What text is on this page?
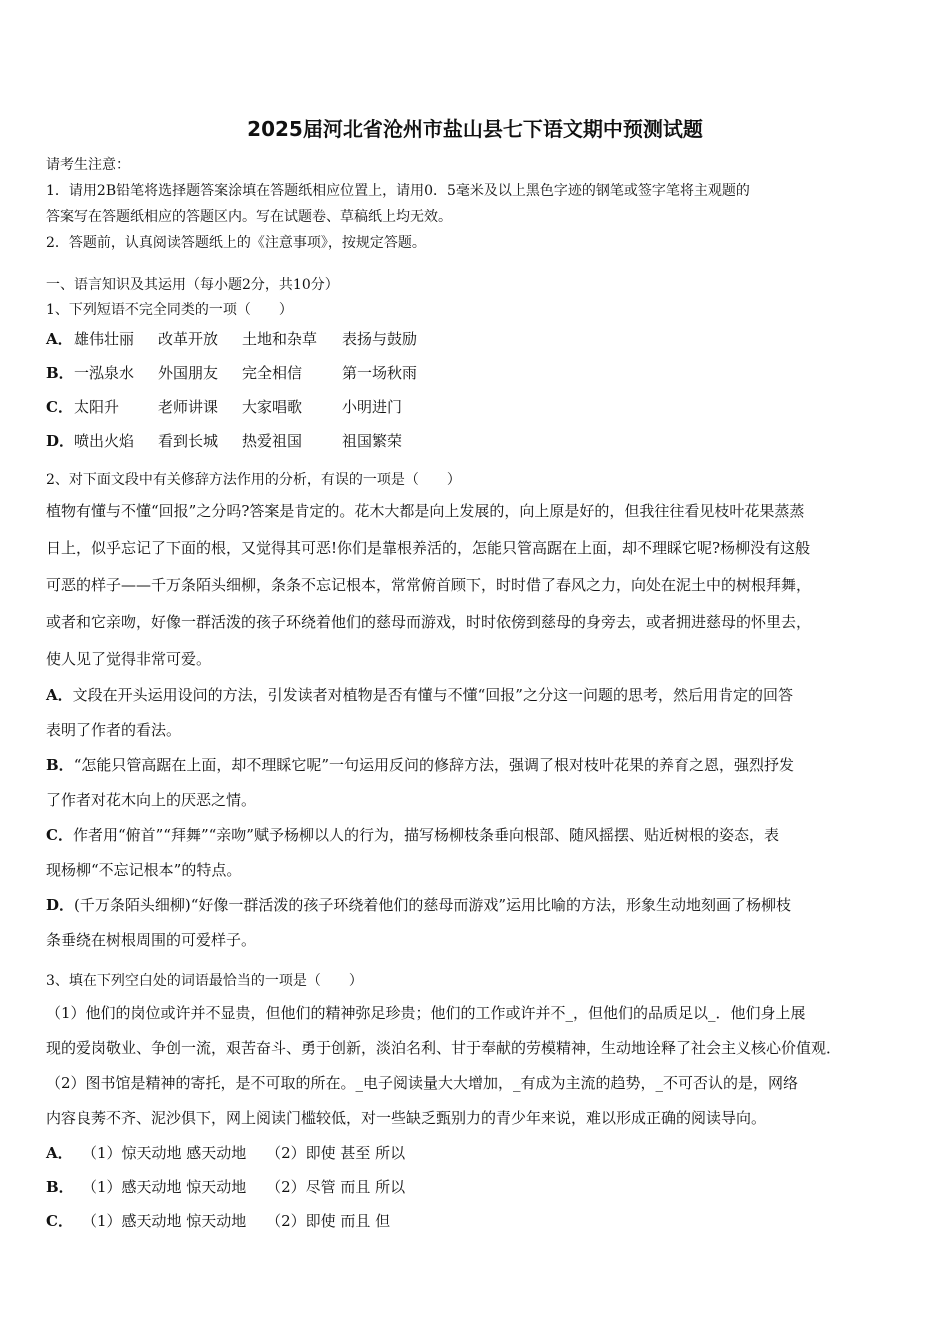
2025届河北省沧州市盐山县七下语文期中预测试题
请考生注意：
1．请用2B铅笔将选择题答案涂填在答题纸相应位置上，请用0．5毫米及以上黑色字迹的钢笔或签字笔将主观题的
答案写在答题纸相应的答题区内。写在试题卷、草稿纸上均无效。
2．答题前，认真阅读答题纸上的《注意事项》，按规定答题。
一、语言知识及其运用（每小题2分，共10分）
1、下列短语不完全同类的一项（　　）
A．雄伟壮丽 改革开放 土地和杂草 表扬与鼓励
B．一泓泉水 外国朋友 完全相信	第一场秋雨
C．太阳升	老师讲课 大家唱歌	小明进门
D．喷出火焰 看到长城 热爱祖国	祖国繁荣
2、对下面文段中有关修辞方法作用的分析，有误的一项是（　　）
植物有懂与不懂“回报”之分吗?答案是肯定的。花木大都是向上发展的，向上原是好的，但我往往看见枝叶花果蒸蒸
日上，似乎忘记了下面的根，又觉得其可恶!你们是靠根养活的，怎能只管高踞在上面，却不理睬它呢?杨柳没有这般
可恶的样子——千万条陌头细柳，条条不忘记根本，常常俯首顾下，时时借了春风之力，向处在泥土中的树根拜舞，
或者和它亲吻，好像一群活泼的孩子环绕着他们的慈母而游戏，时时依傍到慈母的身旁去，或者拥进慈母的怀里去，
使人见了觉得非常可爱。
A．文段在开头运用设问的方法，引发读者对植物是否有懂与不懂“回报”之分这一问题的思考，然后用肯定的回答
表明了作者的看法。
B．“怎能只管高踞在上面，却不理睬它呢”一句运用反问的修辞方法，强调了根对枝叶花果的养育之恩，强烈抒发
了作者对花木向上的厌恶之情。
C．作者用“俯首”“拜舞”“亲吻”赋予杨柳以人的行为，描写杨柳枝条垂向根部、随风摇摆、贴近树根的姿态，表
现杨柳“不忘记根本”的特点。
D．(千万条陌头细柳)“好像一群活泼的孩子环绕着他们的慈母而游戏”运用比喻的方法，形象生动地刻画了杨柳枝
条垂绕在树根周围的可爱样子。
3、填在下列空白处的词语最恰当的一项是（　　）
（1）他们的岗位或许并不显贵，但他们的精神弥足珍贵；他们的工作或许并不_，但他们的品质足以_．他们身上展
现的爱岗敬业、争创一流，艰苦奋斗、勇于创新，淡泊名利、甘于奉献的劳模精神，生动地诠释了社会主义核心价值观．
（2）图书馆是精神的寄托，是不可取的所在。_电子阅读量大大增加，_有成为主流的趋势，_不可否认的是，网络
内容良莠不齐、泥沙俱下，网上阅读门槛较低，对一些缺乏甄别力的青少年来说，难以形成正确的阅读导向。
A． （1）惊天动地 感天动地　 （2）即使 甚至 所以
B． （1）感天动地 惊天动地　 （2）尽管 而且 所以
C． （1）感天动地 惊天动地　 （2）即使 而且 但
